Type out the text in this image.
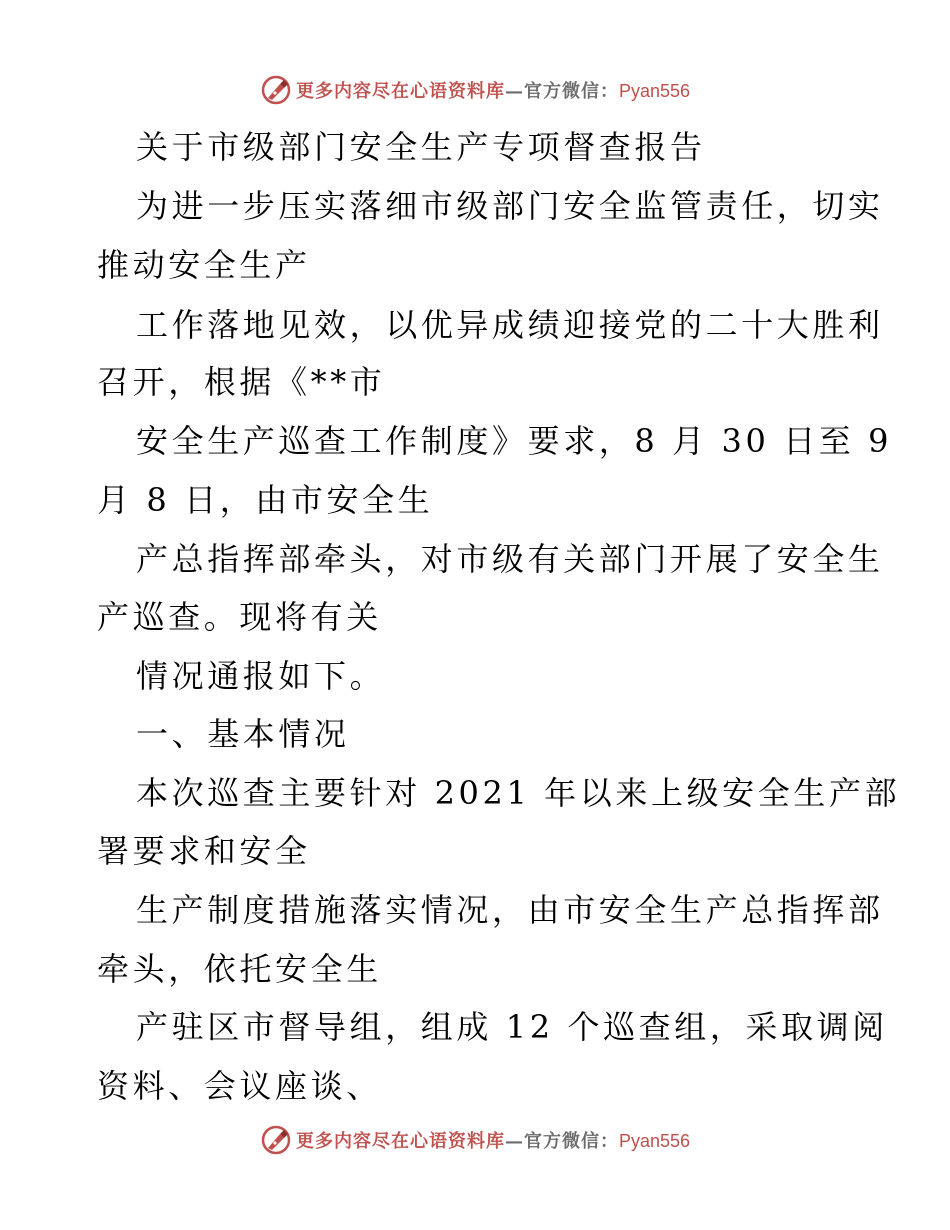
更多内容尽在心语资料库—官方微信：Pyan556
关于市级部门安全生产专项督查报告
为进一步压实落细市级部门安全监管责任，切实
推动安全生产
工作落地见效，以优异成绩迎接党的二十大胜利
召开，根据《**市
安全生产巡查工作制度》要求，8 月 30 日至 9
月 8 日，由市安全生
产总指挥部牵头，对市级有关部门开展了安全生
产巡查。现将有关
情况通报如下。
一、基本情况
本次巡查主要针对 2021 年以来上级安全生产部
署要求和安全
生产制度措施落实情况，由市安全生产总指挥部
牵头，依托安全生
产驻区市督导组，组成 12 个巡查组，采取调阅
资料、会议座谈、
更多内容尽在心语资料库—官方微信：Pyan556
